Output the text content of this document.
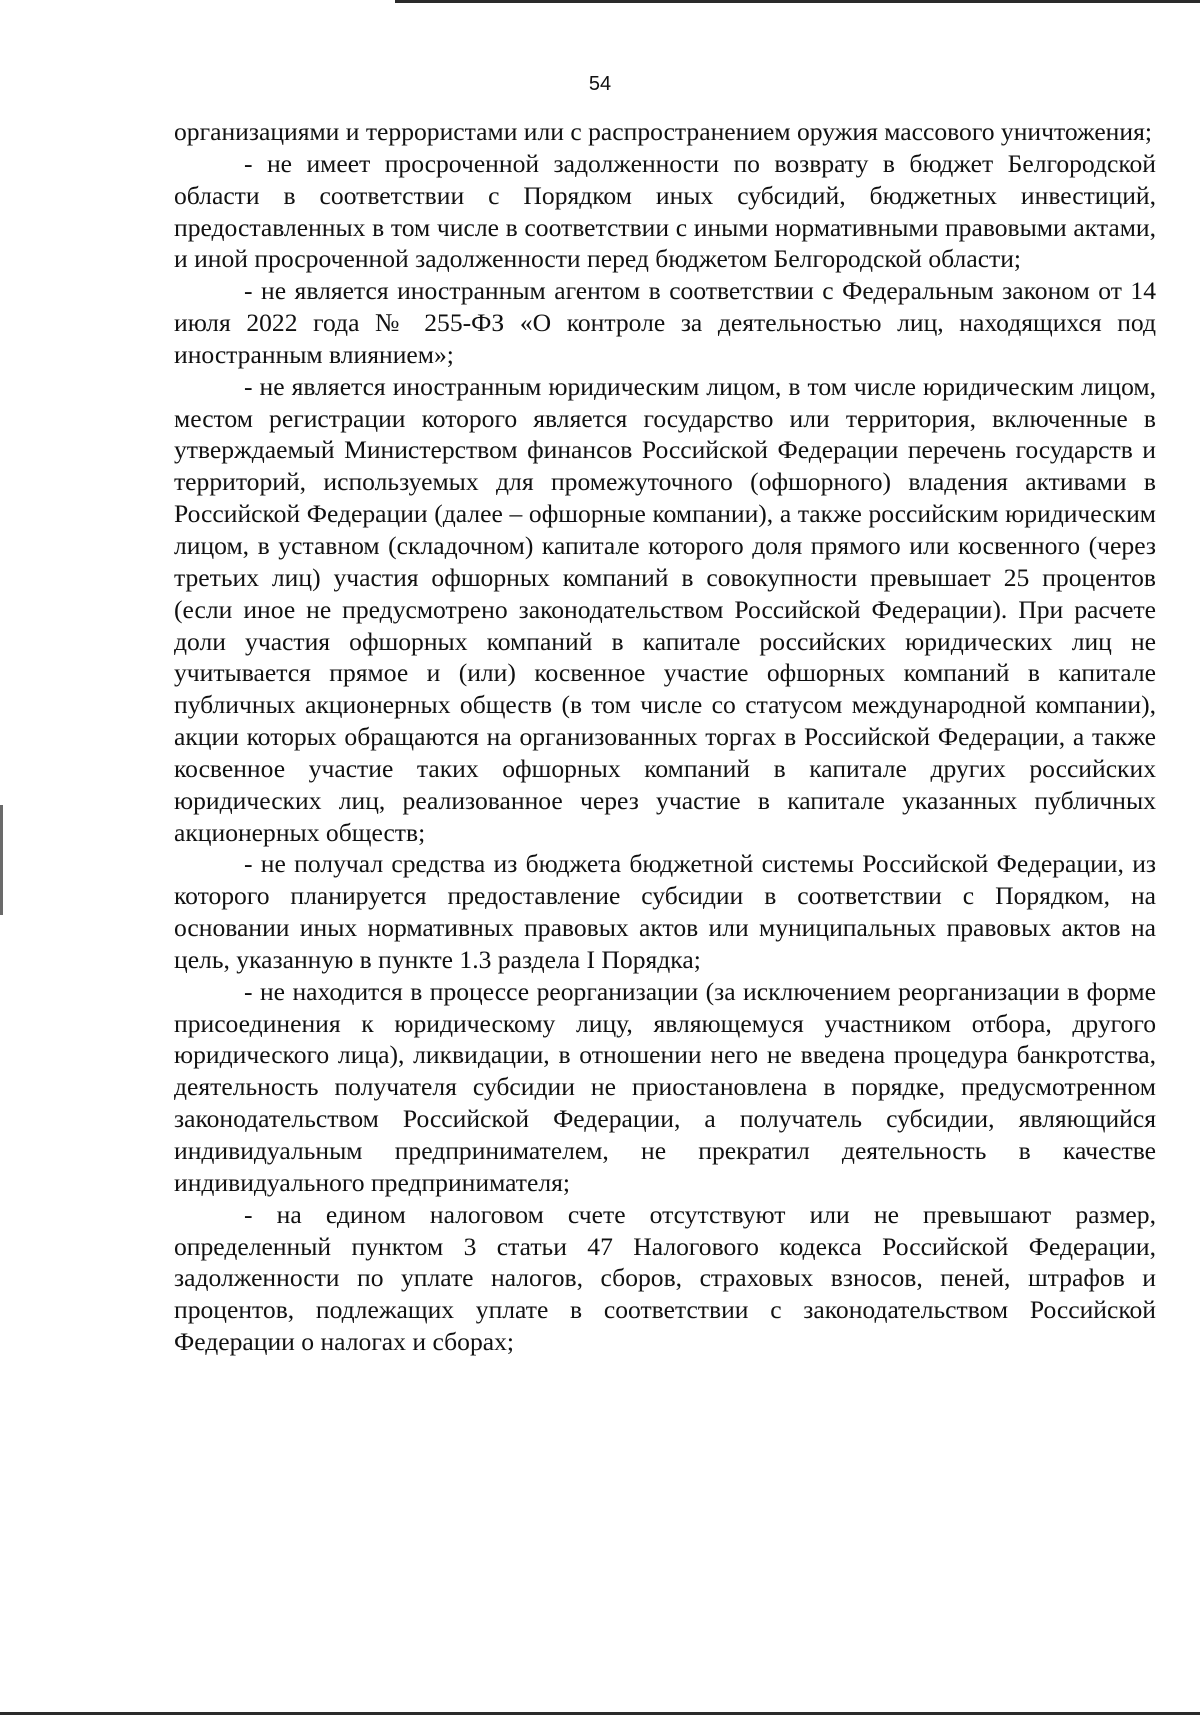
54

организациями и террористами или с распространением оружия массового уничтожения;

- не имеет просроченной задолженности по возврату в бюджет Белгородской области в соответствии с Порядком иных субсидий, бюджетных инвестиций, предоставленных в том числе в соответствии с иными нормативными правовыми актами, и иной просроченной задолженности перед бюджетом Белгородской области;

- не является иностранным агентом в соответствии с Федеральным законом от 14 июля 2022 года № 255-ФЗ «О контроле за деятельностью лиц, находящихся под иностранным влиянием»;

- не является иностранным юридическим лицом, в том числе юридическим лицом, местом регистрации которого является государство или территория, включенные в утверждаемый Министерством финансов Российской Федерации перечень государств и территорий, используемых для промежуточного (офшорного) владения активами в Российской Федерации (далее – офшорные компании), а также российским юридическим лицом, в уставном (складочном) капитале которого доля прямого или косвенного (через третьих лиц) участия офшорных компаний в совокупности превышает 25 процентов (если иное не предусмотрено законодательством Российской Федерации). При расчете доли участия офшорных компаний в капитале российских юридических лиц не учитывается прямое и (или) косвенное участие офшорных компаний в капитале публичных акционерных обществ (в том числе со статусом международной компании), акции которых обращаются на организованных торгах в Российской Федерации, а также косвенное участие таких офшорных компаний в капитале других российских юридических лиц, реализованное через участие в капитале указанных публичных акционерных обществ;

- не получал средства из бюджета бюджетной системы Российской Федерации, из которого планируется предоставление субсидии в соответствии с Порядком, на основании иных нормативных правовых актов или муниципальных правовых актов на цель, указанную в пункте 1.3 раздела I Порядка;

- не находится в процессе реорганизации (за исключением реорганизации в форме присоединения к юридическому лицу, являющемуся участником отбора, другого юридического лица), ликвидации, в отношении него не введена процедура банкротства, деятельность получателя субсидии не приостановлена в порядке, предусмотренном законодательством Российской Федерации, а получатель субсидии, являющийся индивидуальным предпринимателем, не прекратил деятельность в качестве индивидуального предпринимателя;

- на едином налоговом счете отсутствуют или не превышают размер, определенный пунктом 3 статьи 47 Налогового кодекса Российской Федерации, задолженности по уплате налогов, сборов, страховых взносов, пеней, штрафов и процентов, подлежащих уплате в соответствии с законодательством Российской Федерации о налогах и сборах;
